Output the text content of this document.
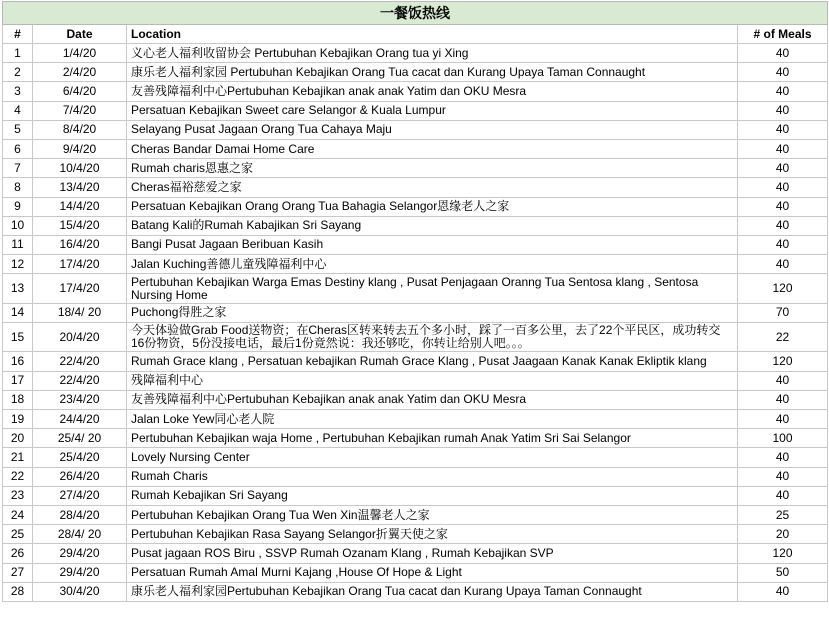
一餐饭热线			
#	Date	Location	# of Meals
1	1/4/20	义心老人福利收留协会 Pertubuhan Kebajikan Orang tua yi Xing	40
2	2/4/20	康乐老人福利家园 Pertubuhan Kebajikan Orang Tua cacat dan Kurang Upaya Taman Connaught	40
3	6/4/20	友善残障福利中心Pertubuhan Kebajikan anak anak Yatim dan OKU Mesra	40
4	7/4/20	Persatuan Kebajikan Sweet care Selangor & Kuala Lumpur	40
5	8/4/20	Selayang Pusat Jagaan Orang Tua Cahaya Maju	40
6	9/4/20	Cheras Bandar Damai Home Care	40
7	10/4/20	Rumah charis恩惠之家	40
8	13/4/20	Cheras福裕慈爱之家	40
9	14/4/20	Persatuan Kebajikan Orang Orang Tua Bahagia Selangor恩缘老人之家	40
10	15/4/20	Batang Kali的Rumah Kabajikan Sri Sayang	40
11	16/4/20	Bangi Pusat Jagaan Beribuan Kasih	40
12	17/4/20	Jalan Kuching善德儿童残障福利中心	40
13	17/4/20	Pertubuhan Kebajikan Warga Emas Destiny klang , Pusat Penjagaan Oranng Tua Sentosa klang , Sentosa Nursing Home	120
14	18/4/ 20	Puchong得胜之家	70
15	20/4/20	今天体验做Grab Food送物资；在Cheras区转来转去五个多小时，踩了一百多公里，去了22个平民区，成功转交16份物资，5份没接电话，最后1份竟然说：我还够吃，你转让给别人吧。。。	22
16	22/4/20	Rumah Grace klang , Persatuan kebajikan Rumah Grace Klang , Pusat Jaagaan Kanak Kanak Ekliptik klang	120
17	22/4/20	残障福利中心	40
18	23/4/20	友善残障福利中心Pertubuhan Kebajikan anak anak Yatim dan OKU Mesra	40
19	24/4/20	Jalan Loke Yew同心老人院	40
20	25/4/ 20	Pertubuhan Kebajikan waja Home , Pertubuhan Kebajikan rumah Anak Yatim Sri Sai Selangor	100
21	25/4/20	Lovely Nursing Center	40
22	26/4/20	Rumah Charis	40
23	27/4/20	Rumah Kebajikan Sri Sayang	40
24	28/4/20	Pertubuhan Kebajikan Orang Tua Wen Xin温馨老人之家	25
25	28/4/ 20	Pertubuhan Kebajikan Rasa Sayang Selangor折翼天使之家	20
26	29/4/20	Pusat jagaan ROS Biru , SSVP Rumah Ozanam Klang , Rumah Kebajikan SVP	120
27	29/4/20	Persatuan Rumah Amal Murni Kajang ,House Of Hope & Light	50
28	30/4/20	康乐老人福利家园Pertubuhan Kebajikan Orang Tua cacat dan Kurang Upaya Taman Connaught	40
